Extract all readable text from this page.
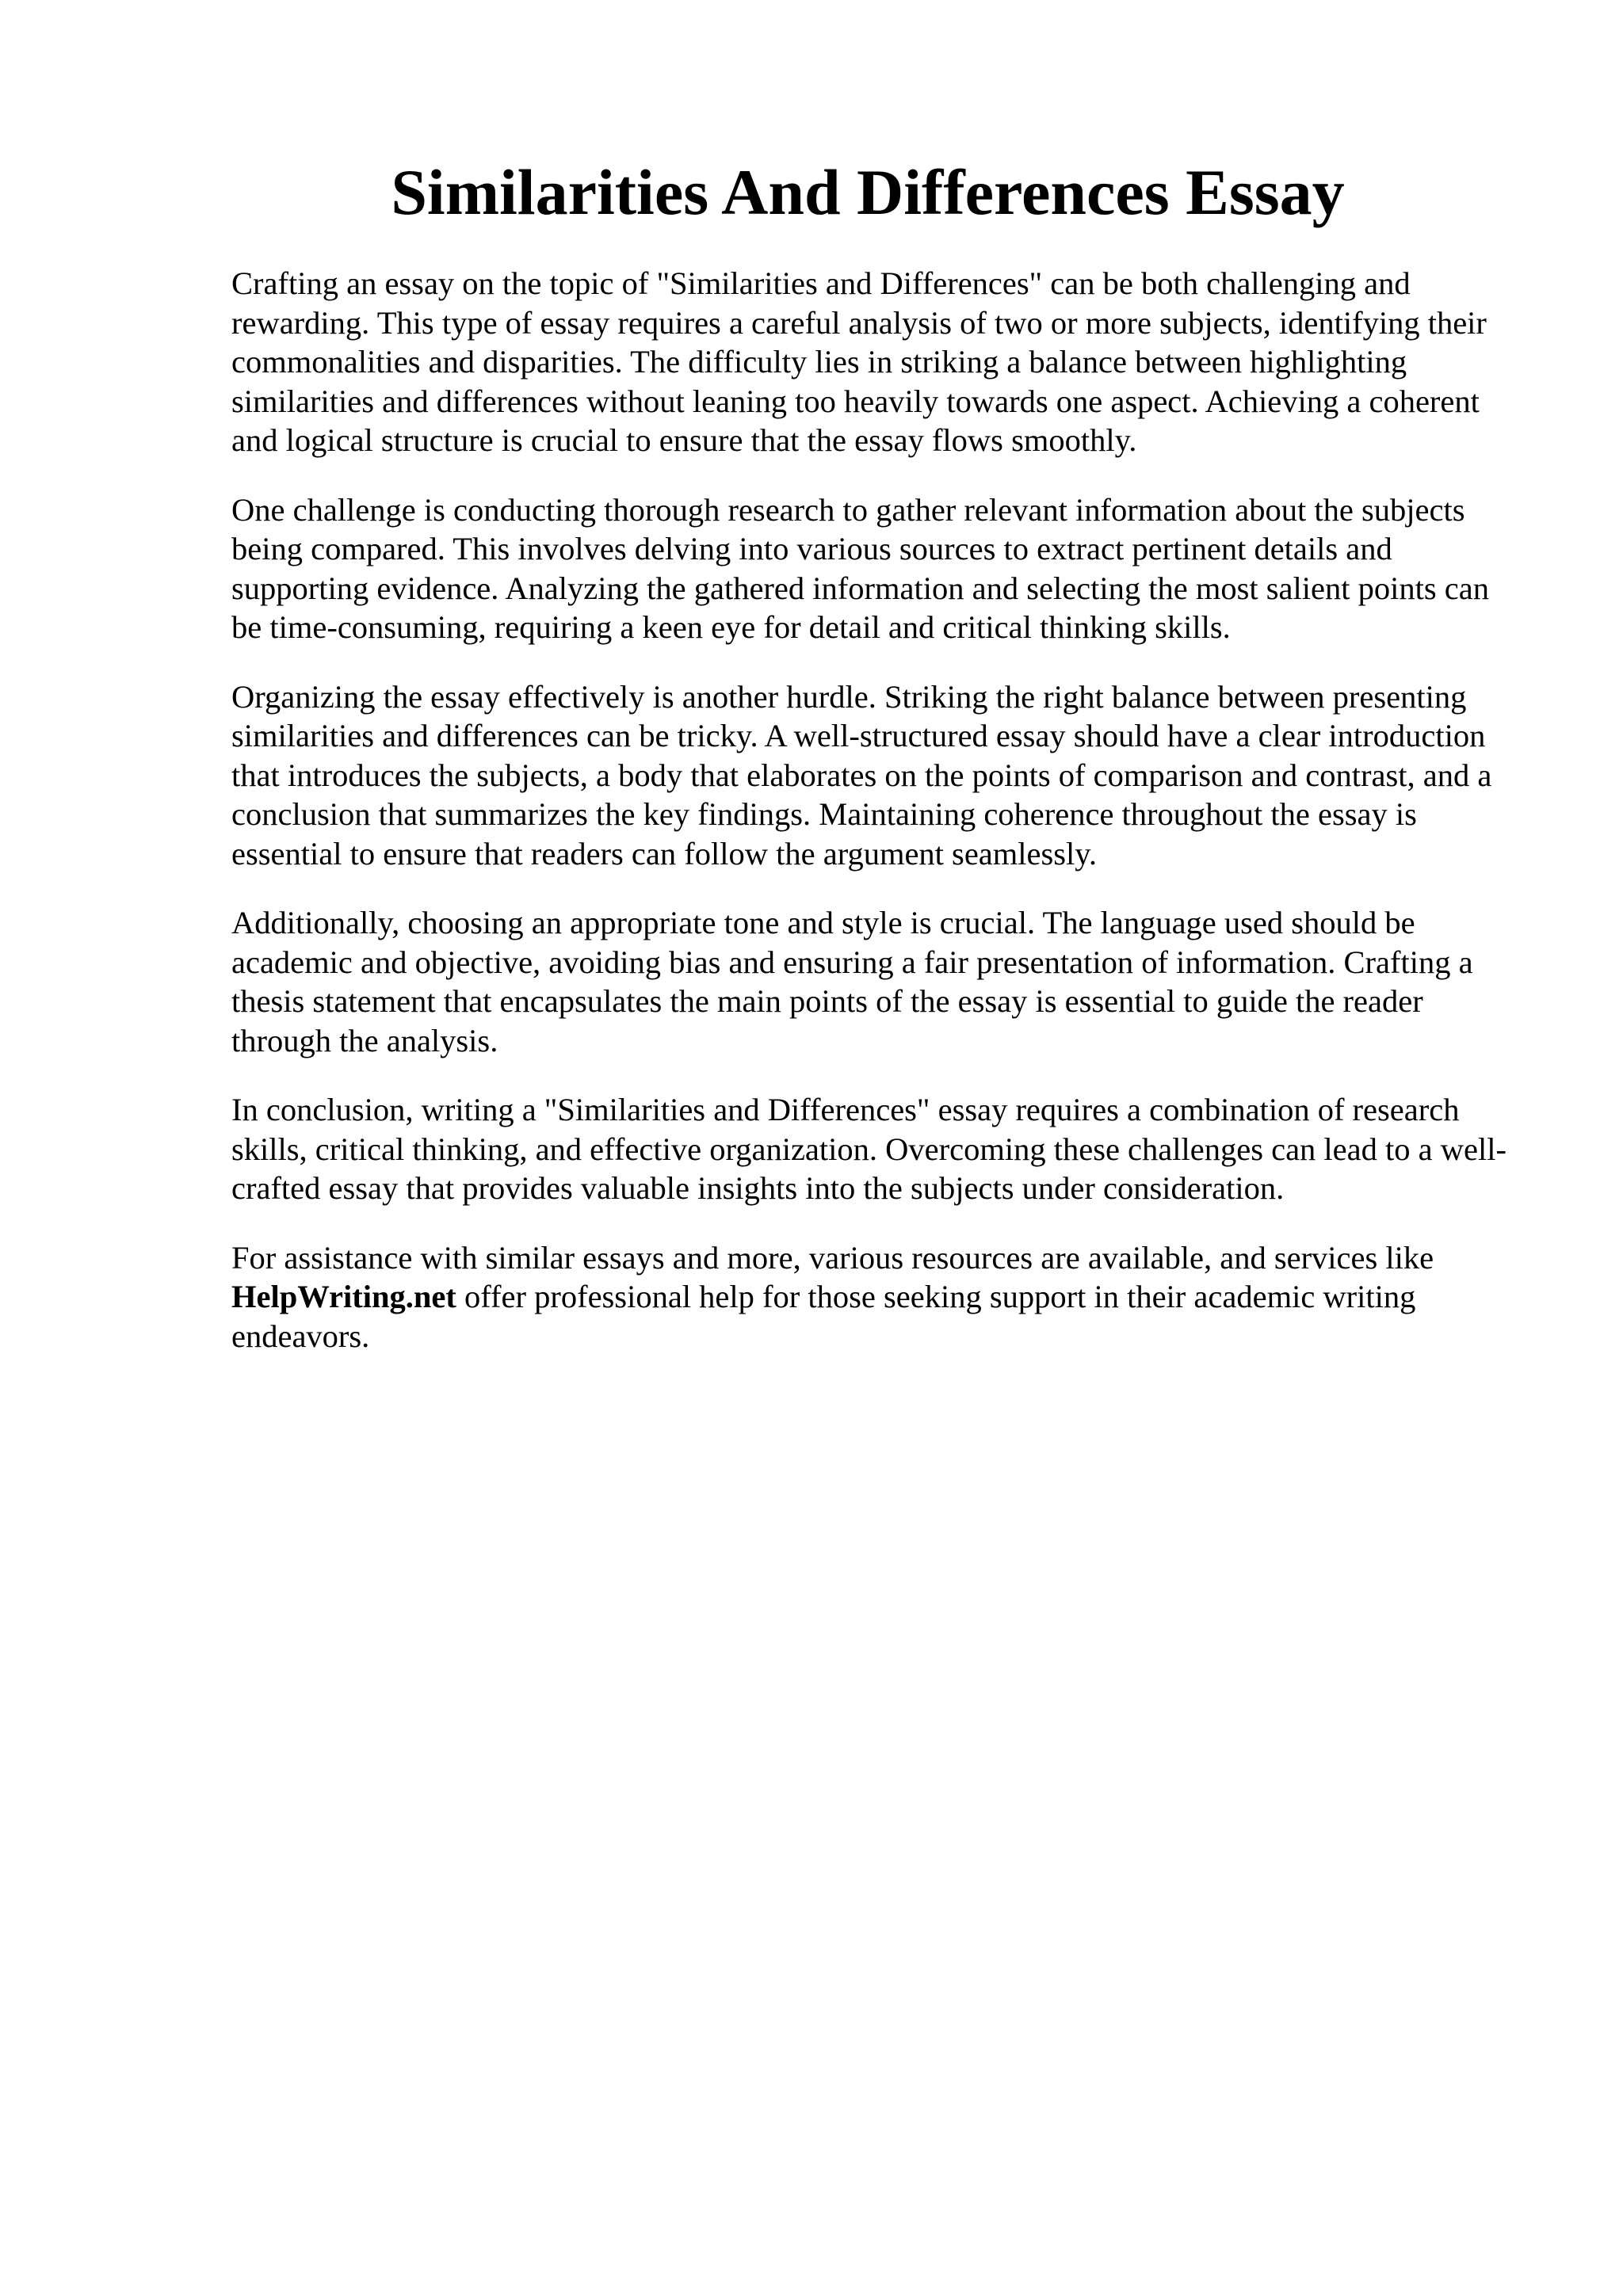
Similarities And Differences Essay

Crafting an essay on the topic of "Similarities and Differences" can be both challenging and rewarding. This type of essay requires a careful analysis of two or more subjects, identifying their commonalities and disparities. The difficulty lies in striking a balance between highlighting similarities and differences without leaning too heavily towards one aspect. Achieving a coherent and logical structure is crucial to ensure that the essay flows smoothly.

One challenge is conducting thorough research to gather relevant information about the subjects being compared. This involves delving into various sources to extract pertinent details and supporting evidence. Analyzing the gathered information and selecting the most salient points can be time-consuming, requiring a keen eye for detail and critical thinking skills.

Organizing the essay effectively is another hurdle. Striking the right balance between presenting similarities and differences can be tricky. A well-structured essay should have a clear introduction that introduces the subjects, a body that elaborates on the points of comparison and contrast, and a conclusion that summarizes the key findings. Maintaining coherence throughout the essay is essential to ensure that readers can follow the argument seamlessly.

Additionally, choosing an appropriate tone and style is crucial. The language used should be academic and objective, avoiding bias and ensuring a fair presentation of information. Crafting a thesis statement that encapsulates the main points of the essay is essential to guide the reader through the analysis.

In conclusion, writing a "Similarities and Differences" essay requires a combination of research skills, critical thinking, and effective organization. Overcoming these challenges can lead to a well-crafted essay that provides valuable insights into the subjects under consideration.

For assistance with similar essays and more, various resources are available, and services like
HelpWriting.net offer professional help for those seeking support in their academic writing endeavors.
